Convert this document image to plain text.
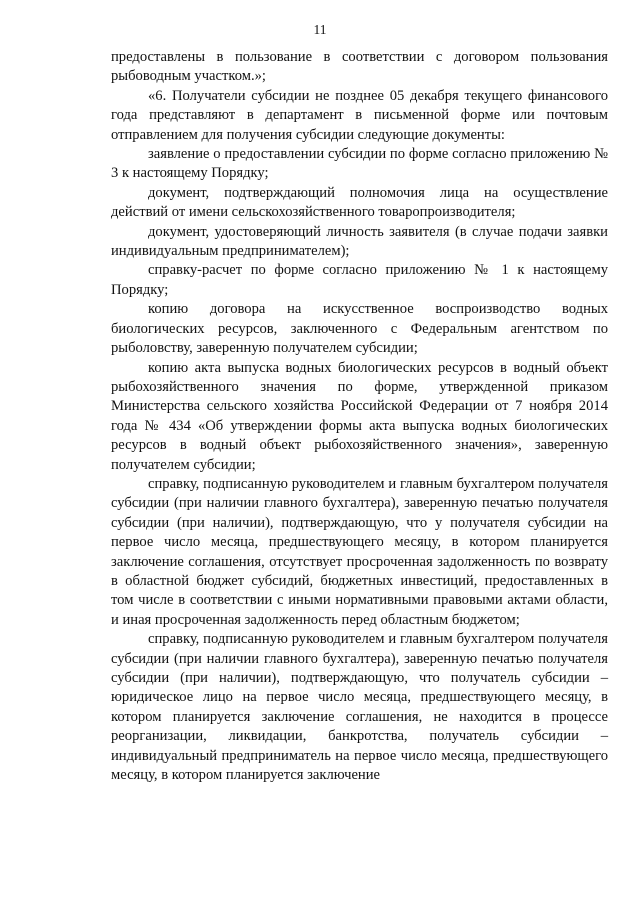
11

предоставлены в пользование в соответствии с договором пользования рыбоводным участком.»;

«6. Получатели субсидии не позднее 05 декабря текущего финансового года представляют в департамент в письменной форме или почтовым отправлением для получения субсидии следующие документы:

заявление о предоставлении субсидии по форме согласно приложению № 3 к настоящему Порядку;

документ, подтверждающий полномочия лица на осуществление действий от имени сельскохозяйственного товаропроизводителя;

документ, удостоверяющий личность заявителя (в случае подачи заявки индивидуальным предпринимателем);

справку-расчет по форме согласно приложению № 1 к настоящему Порядку;

копию договора на искусственное воспроизводство водных биологических ресурсов, заключенного с Федеральным агентством по рыболовству, заверенную получателем субсидии;

копию акта выпуска водных биологических ресурсов в водный объект рыбохозяйственного значения по форме, утвержденной приказом Министерства сельского хозяйства Российской Федерации от 7 ноября 2014 года № 434 «Об утверждении формы акта выпуска водных биологических ресурсов в водный объект рыбохозяйственного значения», заверенную получателем субсидии;

справку, подписанную руководителем и главным бухгалтером получателя субсидии (при наличии главного бухгалтера), заверенную печатью получателя субсидии (при наличии), подтверждающую, что у получателя субсидии на первое число месяца, предшествующего месяцу, в котором планируется заключение соглашения, отсутствует просроченная задолженность по возврату в областной бюджет субсидий, бюджетных инвестиций, предоставленных в том числе в соответствии с иными нормативными правовыми актами области, и иная просроченная задолженность перед областным бюджетом;

справку, подписанную руководителем и главным бухгалтером получателя субсидии (при наличии главного бухгалтера), заверенную печатью получателя субсидии (при наличии), подтверждающую, что получатель субсидии – юридическое лицо на первое число месяца, предшествующего месяцу, в котором планируется заключение соглашения, не находится в процессе реорганизации, ликвидации, банкротства, получатель субсидии – индивидуальный предприниматель на первое число месяца, предшествующего месяцу, в котором планируется заключение
